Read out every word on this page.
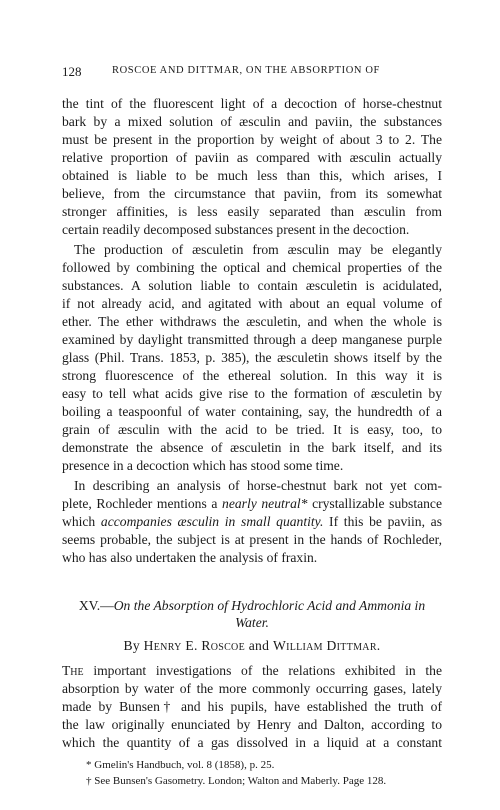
128	ROSCOE AND DITTMAR, ON THE ABSORPTION OF
the tint of the fluorescent light of a decoction of horse-chestnut
bark by a mixed solution of æsculin and paviin, the substances
must be present in the proportion by weight of about 3 to 2. The
relative proportion of paviin as compared with æsculin actually
obtained is liable to be much less than this, which arises, I
believe, from the circumstance that paviin, from its somewhat
stronger affinities, is less easily separated than æsculin from
certain readily decomposed substances present in the decoction.
The production of æsculetin from æsculin may be elegantly
followed by combining the optical and chemical properties of the
substances. A solution liable to contain æsculetin is acidulated,
if not already acid, and agitated with about an equal volume of
ether. The ether withdraws the æsculetin, and when the whole is
examined by daylight transmitted through a deep manganese purple
glass (Phil. Trans. 1853, p. 385), the æsculetin shows itself by the
strong fluorescence of the ethereal solution. In this way it is
easy to tell what acids give rise to the formation of æsculetin by
boiling a teaspoonful of water containing, say, the hundredth of a
grain of æsculin with the acid to be tried. It is easy, too, to
demonstrate the absence of æsculetin in the bark itself, and its
presence in a decoction which has stood some time.
In describing an analysis of horse-chestnut bark not yet com-
plete, Rochleder mentions a nearly neutral* crystallizable substance
which accompanies æsculin in small quantity. If this be paviin, as
seems probable, the subject is at present in the hands of Rochleder,
who has also undertaken the analysis of fraxin.
XV.—On the Absorption of Hydrochloric Acid and Ammonia in
Water.
By Henry E. Roscoe and William Dittmar.
The important investigations of the relations exhibited in the
absorption by water of the more commonly occurring gases, lately
made by Bunsen† and his pupils, have established the truth of
the law originally enunciated by Henry and Dalton, according to
which the quantity of a gas dissolved in a liquid at a constant
* Gmelin's Handbuch, vol. 8 (1858), p. 25.
† See Bunsen's Gasometry. London; Walton and Maberly. Page 128.
